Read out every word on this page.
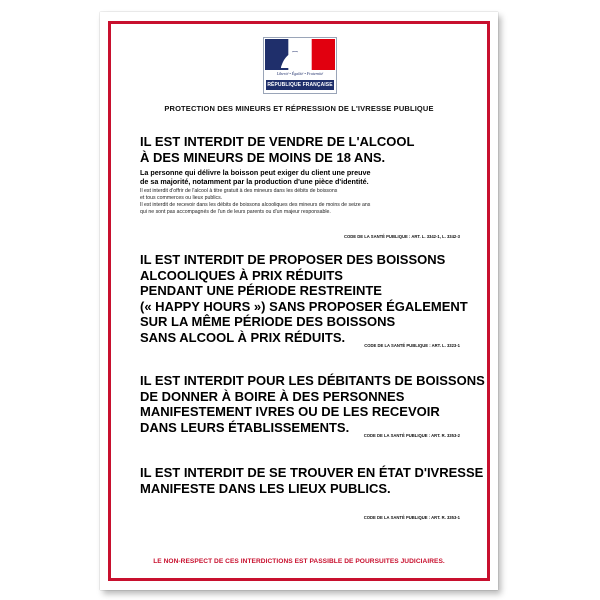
Liberté • Égalité • Fraternité
RÉPUBLIQUE FRANÇAISE
PROTECTION DES MINEURS ET RÉPRESSION DE L'IVRESSE PUBLIQUE
IL EST INTERDIT DE VENDRE DE L'ALCOOL
À DES MINEURS DE MOINS DE 18 ANS.
La personne qui délivre la boisson peut exiger du client une preuve
de sa majorité, notamment par la production d'une pièce d'identité.
Il est interdit d'offrir de l'alcool à titre gratuit à des mineurs dans les débits de boissons
et tous commerces ou lieux publics.
Il est interdit de recevoir dans les débits de boissons alcooliques des mineurs de moins de seize ans
qui ne sont pas accompagnés de l'un de leurs parents ou d'un majeur responsable.
CODE DE LA SANTÉ PUBLIQUE : ART. L. 3342-1, L. 3342-3
IL EST INTERDIT DE PROPOSER DES BOISSONS
ALCOOLIQUES À PRIX RÉDUITS
PENDANT UNE PÉRIODE RESTREINTE
(« HAPPY HOURS ») SANS PROPOSER ÉGALEMENT
SUR LA MÊME PÉRIODE DES BOISSONS
SANS ALCOOL À PRIX RÉDUITS.
CODE DE LA SANTÉ PUBLIQUE : ART. L. 3323-1
IL EST INTERDIT POUR LES DÉBITANTS DE BOISSONS
DE DONNER À BOIRE À DES PERSONNES
MANIFESTEMENT IVRES OU DE LES RECEVOIR
DANS LEURS ÉTABLISSEMENTS.
CODE DE LA SANTÉ PUBLIQUE : ART. R. 3353-2
IL EST INTERDIT DE SE TROUVER EN ÉTAT D'IVRESSE
MANIFESTE DANS LES LIEUX PUBLICS.
CODE DE LA SANTÉ PUBLIQUE : ART. R. 3353-1
LE NON-RESPECT DE CES INTERDICTIONS EST PASSIBLE DE POURSUITES JUDICIAIRES.
